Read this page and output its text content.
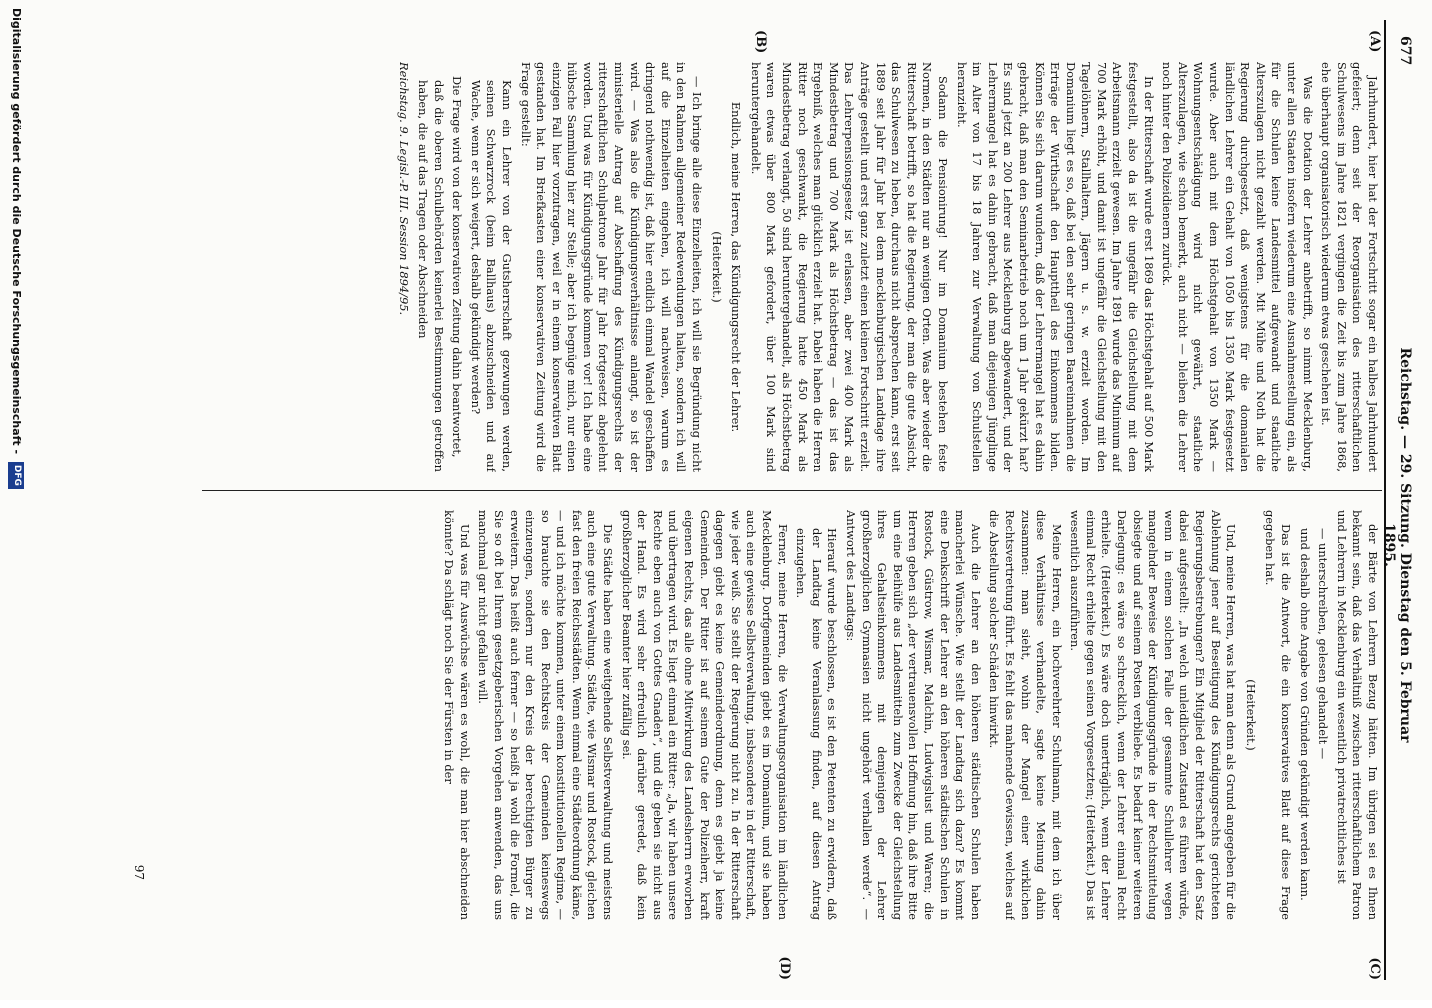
677
Reichstag. — 29. Sitzung. Dienstag den 5. Februar 1895.
(A)
(B)
(C)
(D)

Jahrhundert, hier hat der Fortschritt sogar ein halbes Jahrhundert gefeiert; denn seit der Reorganisation des ritterschaftlichen Schulwesens im Jahre 1821 vergingen die Zeit bis zum Jahre 1868, ehe überhaupt organisatorisch wiederum etwas geschehen ist.

Was die Dotation der Lehrer anbetrifft, so nimmt Mecklenburg, unter allen Staaten insofern wiederum eine Ausnahmestellung ein, als für die Schulen keine Landesmittel aufgewandt und staatliche Alterszulagen nicht gezahlt werden. Mit Mühe und Noth hat die Regierung durchgesetzt, daß wenigstens für die domanialen ländlichen Lehrer ein Gehalt von 1050 bis 1350 Mark festgesetzt wurde. Aber auch mit dem Höchstgehalt von 1350 Mark — Wohnungsentschädigung wird nicht gewährt, staatliche Alterszulagen, wie schon bemerkt, auch nicht — bleiben die Lehrer noch hinter den Polizeidienern zurück.

In der Ritterschaft wurde erst 1869 das Höchstgehalt auf 500 Mark festgestellt, also da ist die ungefähr die Gleichstellung mit dem Arbeitsmann erzielt gewesen. Im Jahre 1891 wurde das Minimum auf 700 Mark erhöht, und damit ist ungefähr die Gleichstellung mit den Tagelöhnern, Stallhaltern, Jägern u. s. w. erzielt worden. Im Domanium liegt es so, daß bei den sehr geringen Baareinnahmen die Erträge der Wirthschaft den Haupttheil des Einkommens bilden. Können Sie sich darum wundern, daß der Lehrermangel hat es dahin gebracht, daß man den Seminarbetrieb noch um 1 Jahr gekürzt hat? Es sind jetzt an 200 Lehrer aus Mecklenburg abgewandert, und der Lehrermangel hat es dahin gebracht, daß man diejenigen Jünglinge im Alter von 17 bis 18 Jahren zur Verwaltung von Schulstellen heranzieht.

Sodann die Pensionirung! Nur im Domanium bestehen feste Normen, in den Städten nur an wenigen Orten. Was aber wieder die Ritterschaft betrifft, so hat die Regierung, der man die gute Absicht, das Schulwesen zu heben, durchaus nicht absprechen kann, erst seit 1889 seit Jahr für Jahr bei dem mecklenburgischen Landtage ihre Anträge gestellt und erst ganz zuletzt einen kleinen Fortschritt erzielt. Das Lehrerpensionsgesetz ist erlassen, aber zwei 400 Mark als Mindestbetrag und 700 Mark als Höchstbetrag — das ist das Ergebniß, welches man glücklich erzielt hat. Dabei haben die Herren Ritter noch geschwankt, die Regierung hatte 450 Mark als Mindestbetrag verlangt, 50 sind heruntergehandelt, als Höchstbetrag waren etwas über 800 Mark gefordert, über 100 Mark sind heruntergehandelt.

Endlich, meine Herren, das Kündigungsrecht der Lehrer.

(Heiterkeit.)

— Ich bringe alle diese Einzelheiten, ich will sie Begründung nicht in den Rahmen allgemeiner Redewendungen halten, sondern ich will auf die Einzelheiten eingehen, ich will nachweisen, warum es dringend nothwendig ist, daß hier endlich einmal Wandel geschaffen wird. — Was also die Kündigungsverhältnisse anlangt, so ist der ministerielle Antrag auf Abschaffung des Kündigungsrechts der ritterschaftlichen Schulpatrone Jahr für Jahr fortgesetzt abgelehnt worden. Und was für Kündigungsgründe kommen vor! Ich habe eine hübsche Sammlung hier zur Stelle; aber ich begnüge mich, nur einen einzigen Fall hier vorzutragen, weil er in einem konservativen Blatt gestanden hat. Im Briefkasten einer konservativen Zeitung wird die Frage gestellt:

Kann ein Lehrer von der Gutsherrschaft gezwungen werden, seinen Schwarzrock (beim Ballhaus) abzuschneiden und auf Wache, wenn er sich weigert, deshalb gekündigt werden?

Die Frage wird von der konservativen Zeitung dahin beantwortet,

daß die oberen Schulbehörden keinerlei Bestimmungen getroffen haben, die auf das Tragen oder Abschneiden

Reichstag. 9. Legisl.-P. III. Session 1894/95.

der Bärte von Lehrern Bezug hätten. Im übrigen sei es Ihnen bekannt sein, daß das Verhältniß zwischen ritterschaftlichem Patron und Lehrern in Mecklenburg ein wesentlich privatrechtliches ist

— unterschreiben, gelesen gehandelt —

und deshalb ohne Angabe von Gründen gekündigt werden kann.

Das ist die Antwort, die ein konservatives Blatt auf diese Frage gegeben hat.

(Heiterkeit.)

Und, meine Herren, was hat man denn als Grund angegeben für die Ablehnung jener auf Beseitigung des Kündigungsrechts gerichteten Regierungsbestrebungen? Ein Mitglied der Ritterschaft hat den Satz dabei aufgestellt: „In welch unleidlichen Zustand es führen würde, wenn in einem solchen Falle der gesammte Schullehrer wegen mangelnder Beweise der Kündigungsgründe in der Rechtsmittelung obsiegte und auf seinem Posten verbliebe. Es bedarf keiner weiteren Darlegung: es wäre so schrecklich, wenn der Lehrer einmal Recht erhielte. (Heiterkeit.) Es wäre doch unerträglich, wenn der Lehrer einmal Recht erhielte gegen seinen Vorgesetzten; (Heiterkeit.) Das ist wesentlich auszuführen.

Meine Herren, ein hochverehrter Schulmann, mit dem ich über diese Verhältnisse verhandelte, sagte keine Meinung dahin zusammen: man sieht, wohin der Mangel einer wirklichen Rechtsvertretung führt. Es fehlt das mahnende Gewissen, welches auf die Abstellung solcher Schäden hinwirkt.

Auch die Lehrer an den höheren städtischen Schulen haben mancherlei Wünsche. Wie stellt der Landtag sich dazu? Es kommt eine Denkschrift der Lehrer an den höheren städtischen Schulen in Rostock, Güstrow, Wismar, Malchin, Ludwigslust und Waren; die Herren geben sich „der vertrauensvollen Hoffnung hin, daß ihre Bitte um eine Beihülfe aus Landesmitteln zum Zwecke der Gleichstellung ihres Gehaltseinkommens mit demjenigen der Lehrer großherzoglichen Gymnasien nicht ungehört verhallen werde“. — Antwort des Landtags:

Hierauf wurde beschlossen, es ist den Petenten zu erwidern, daß der Landtag keine Veranlassung finden, auf diesen Antrag einzugehen.

Ferner, meine Herren, die Verwaltungsorganisation im ländlichen Mecklenburg. Dorfgemeinden giebt es im Domanium, und sie haben auch eine gewisse Selbstverwaltung, insbesondere in der Ritterschaft, wie jeder weiß. Sie stellt der Regierung nicht zu. In der Ritterschaft dagegen giebt es keine Gemeindeordnung, denn es giebt ja keine Gemeinden. Der Ritter ist auf seinem Gute der Polizeiherr, kraft eigenen Rechts, das alle ohne Mitwirkung des Landesherrn erworben und übertragen wird. Es liegt einmal ein Ritter: „Ja, wir haben unsere Rechte eben auch von Gottes Gnaden“, und die geben sie nicht aus der Hand. Es wird sehr erfreulich darüber geredet, daß kein großherzoglicher Beamter hier zufällig sei.

Die Städte haben eine weitgehende Selbstverwaltung und meistens auch eine gute Verwaltung. Städte, wie Wismar und Rostock, gleichen fast den freien Reichsstädten. Wenn einmal eine Städteordnung käme, — und ich möchte kommen, unter einem konstitutionellen Regime, — so brauchte sie den Rechtskreis der Gemeinden keineswegs einzuengen, sondern nur den Kreis der berechtigten Bürger zu erweitern. Das heißt auch ferner — so heißt ja wohl die Formel, die Sie so oft bei Ihrem gesetzgeberischen Vorgehen anwenden, das uns manchmal gar nicht gefallen will.

Und was für Auswüchse wären es wohl, die man hier abschneiden könnte? Da schlägt noch Sie der Fürsten in der

97
Digitalisierung gefördert durch die Deutsche Forschungsgemeinschaft - DFG
